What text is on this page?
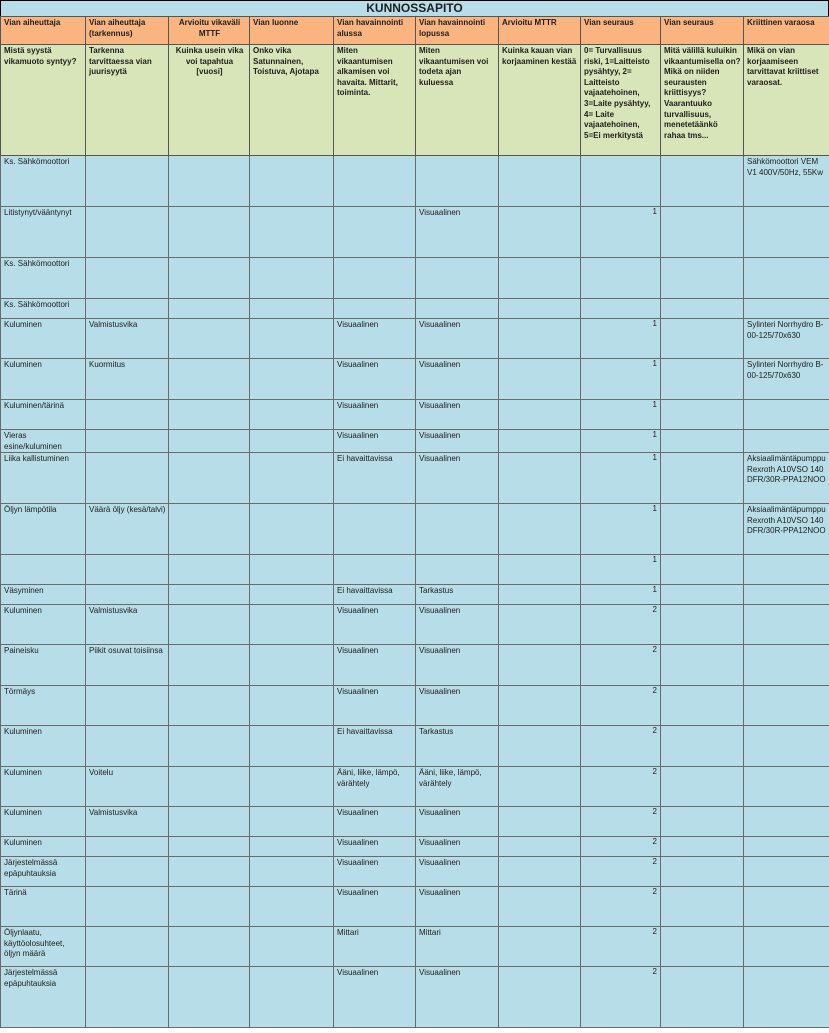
KUNNOSSAPITO
Vian aiheuttaja	Vian aiheuttaja (tarkennus)	Arvioitu vikaväli MTTF	Vian luonne	Vian havainnointi alussa	Vian havainnointi lopussa	Arvioitu MTTR	Vian seuraus	Vian seuraus	Kriittinen varaosa
Mistä syystä vikamuoto syntyy?	Tarkenna tarvittaessa vian juurisyytä	Kuinka usein vika voi tapahtua [vuosi]	Onko vika Satunnainen, Toistuva, Ajotapa	Miten vikaantumisen alkamisen voi havaita. Mittarit, toiminta.	Miten vikaantumisen voi todeta ajan kuluessa	Kuinka kauan vian korjaaminen kestää	0= Turvallisuus riski, 1=Laitteisto pysähtyy, 2= Laitteisto vajaatehoinen, 3=Laite pysähtyy, 4= Laite vajaatehoinen, 5=Ei merkitystä	Mitä välillä kuluikin vikaantumisella on? Mikä on niiden seurausten kriittisyys? Vaarantuuko turvallisuus, menetetäänkö rahaa tms...	Mikä on vian korjaamiseen tarvittavat kriittiset varaosat.
Ks. Sähkömoottori									Sähkömoottori VEM V1 400V/50Hz, 55Kw
Litistynyt/vääntynyt					Visuaalinen		1		
Ks. Sähkömoottori									
Ks. Sähkömoottori									
Kuluminen	Valmistusvika			Visuaalinen	Visuaalinen		1		Sylinteri Norrhydro B-00-125/70x630
Kuluminen	Kuormitus			Visuaalinen	Visuaalinen		1		Sylinteri Norrhydro B-00-125/70x630
Kuluminen/tärinä				Visuaalinen	Visuaalinen		1		
Vieras esine/kuluminen				Visuaalinen	Visuaalinen		1		
Liika kallistuminen				Ei havaittavissa	Visuaalinen		1		Aksiaalimäntäpumppu Rexroth A10VSO 140 DFR/30R-PPA12NOO
Öljyn lämpötila	Väärä öljy (kesä/talvi)						1		Aksiaalimäntäpumppu Rexroth A10VSO 140 DFR/30R-PPA12NOO
							1		
Väsyminen				Ei havaittavissa	Tarkastus		1		
Kuluminen	Valmistusvika			Visuaalinen	Visuaalinen		2		
Paineisku	Piikit osuvat toisiinsa			Visuaalinen	Visuaalinen		2		
Törmäys				Visuaalinen	Visuaalinen		2		
Kuluminen				Ei havaittavissa	Tarkastus		2		
Kuluminen	Voitelu			Ääni, liike, lämpö, värähtely	Ääni, liike, lämpö, värähtely		2		
Kuluminen	Valmistusvika			Visuaalinen	Visuaalinen		2		
Kuluminen				Visuaalinen	Visuaalinen		2		
Järjestelmässä epäpuhtauksia				Visuaalinen	Visuaalinen		2		
Tärinä				Visuaalinen	Visuaalinen		2		
Öljynlaatu, käyttöolosuhteet, öljyn määrä				Mittari	Mittari		2		
Järjestelmässä epäpuhtauksia				Visuaalinen	Visuaalinen		2		
